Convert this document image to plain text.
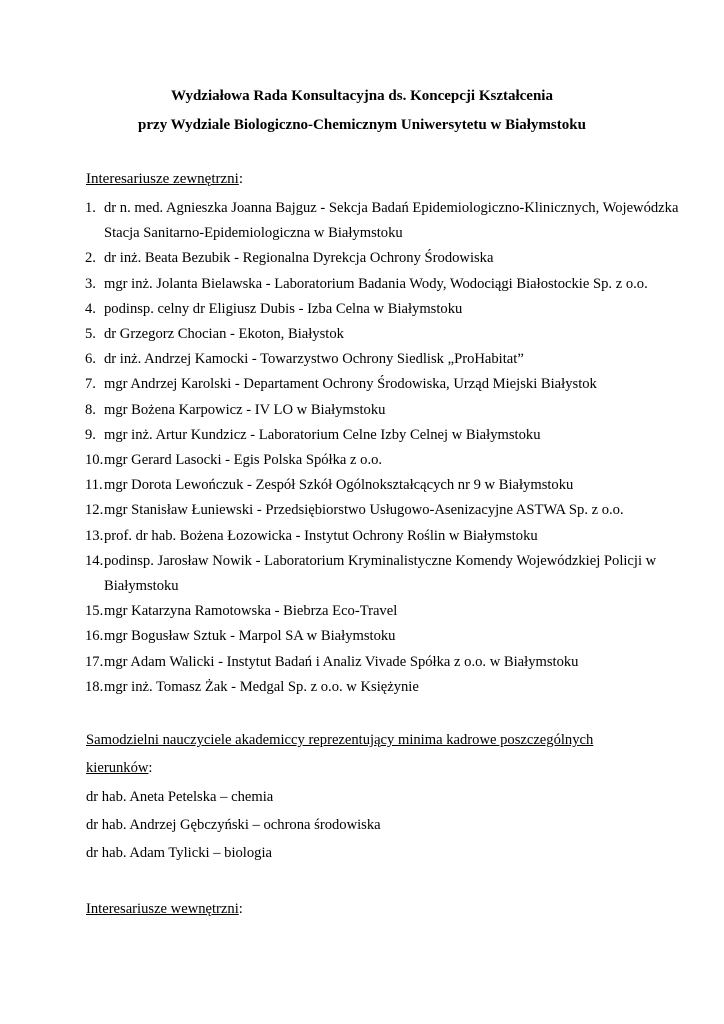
Wydziałowa Rada Konsultacyjna ds. Koncepcji Kształcenia
przy Wydziale Biologiczno-Chemicznym Uniwersytetu w Białymstoku
Interesariusze zewnętrzni:
1. dr n. med. Agnieszka Joanna Bajguz - Sekcja Badań Epidemiologiczno-Klinicznych, Wojewódzka Stacja Sanitarno-Epidemiologiczna w Białymstoku
2. dr inż. Beata Bezubik - Regionalna Dyrekcja Ochrony Środowiska
3. mgr inż. Jolanta Bielawska - Laboratorium Badania Wody, Wodociągi Białostockie Sp. z o.o.
4. podinsp. celny dr Eligiusz Dubis - Izba Celna w Białymstoku
5. dr Grzegorz Chocian - Ekoton, Białystok
6. dr inż. Andrzej Kamocki - Towarzystwo Ochrony Siedlisk „ProHabitat”
7. mgr Andrzej Karolski - Departament Ochrony Środowiska, Urząd Miejski Białystok
8. mgr Bożena Karpowicz - IV LO w Białymstoku
9. mgr inż. Artur Kundzicz - Laboratorium Celne Izby Celnej w Białymstoku
10. mgr Gerard Lasocki - Egis Polska Spółka z o.o.
11. mgr Dorota Lewończuk - Zespół Szkół Ogólnokształcących nr 9 w Białymstoku
12. mgr Stanisław Łuniewski - Przedsiębiorstwo Usługowo-Asenizacyjne ASTWA Sp. z o.o.
13. prof. dr hab. Bożena Łozowicka - Instytut Ochrony Roślin w Białymstoku
14. podinsp. Jarosław Nowik - Laboratorium Kryminalistyczne Komendy Wojewódzkiej Policji w Białymstoku
15. mgr Katarzyna Ramotowska - Biebrza Eco-Travel
16. mgr Bogusław Sztuk - Marpol SA w Białymstoku
17. mgr Adam Walicki - Instytut Badań i Analiz Vivade Spółka z o.o. w Białymstoku
18. mgr inż. Tomasz Żak - Medgal Sp. z o.o. w Księżynie
Samodzielni nauczyciele akademiccy reprezentujący minima kadrowe poszczególnych
kierunków:
dr hab. Aneta Petelska – chemia
dr hab. Andrzej Gębczyński – ochrona środowiska
dr hab. Adam Tylicki – biologia
Interesariusze wewnętrzni:
